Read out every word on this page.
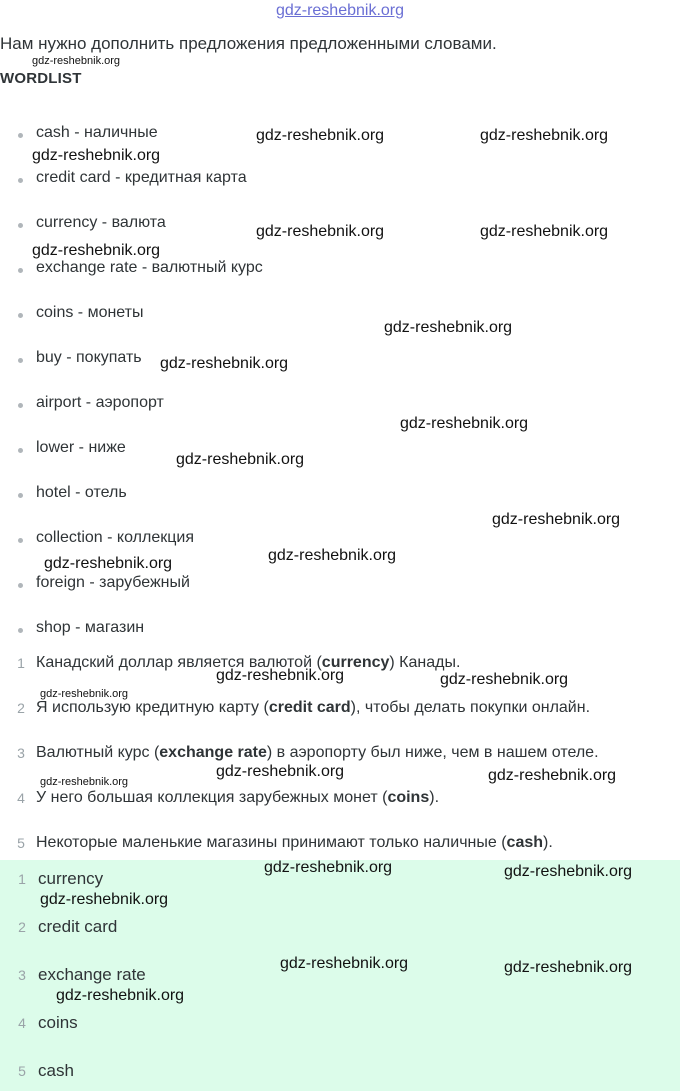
gdz-reshebnik.org
Нам нужно дополнить предложения предложенными словами.
WORDLIST
cash - наличные
credit card - кредитная карта
currency - валюта
exchange rate - валютный курс
coins - монеты
buy - покупать
airport - аэропорт
lower - ниже
hotel - отель
collection - коллекция
foreign - зарубежный
shop - магазин
1 Канадский доллар является валютой (currency) Канады.
2 Я использую кредитную карту (credit card), чтобы делать покупки онлайн.
3 Валютный курс (exchange rate) в аэропорту был ниже, чем в нашем отеле.
4 У него большая коллекция зарубежных монет (coins).
5 Некоторые маленькие магазины принимают только наличные (cash).
1 currency
2 credit card
3 exchange rate
4 coins
5 cash
gdz-reshebnik.org
gdz-reshebnik.org	gdz-reshebnik.org
gdz-reshebnik.org
gdz-reshebnik.org	gdz-reshebnik.org
gdz-reshebnik.org
gdz-reshebnik.org
gdz-reshebnik.org
gdz-reshebnik.org
gdz-reshebnik.org
gdz-reshebnik.org
gdz-reshebnik.org
gdz-reshebnik.org
gdz-reshebnik.org	gdz-reshebnik.org
gdz-reshebnik.org
gdz-reshebnik.org	gdz-reshebnik.org
gdz-reshebnik.org
gdz-reshebnik.org	gdz-reshebnik.org
gdz-reshebnik.org
gdz-reshebnik.org	gdz-reshebnik.org
gdz-reshebnik.org
